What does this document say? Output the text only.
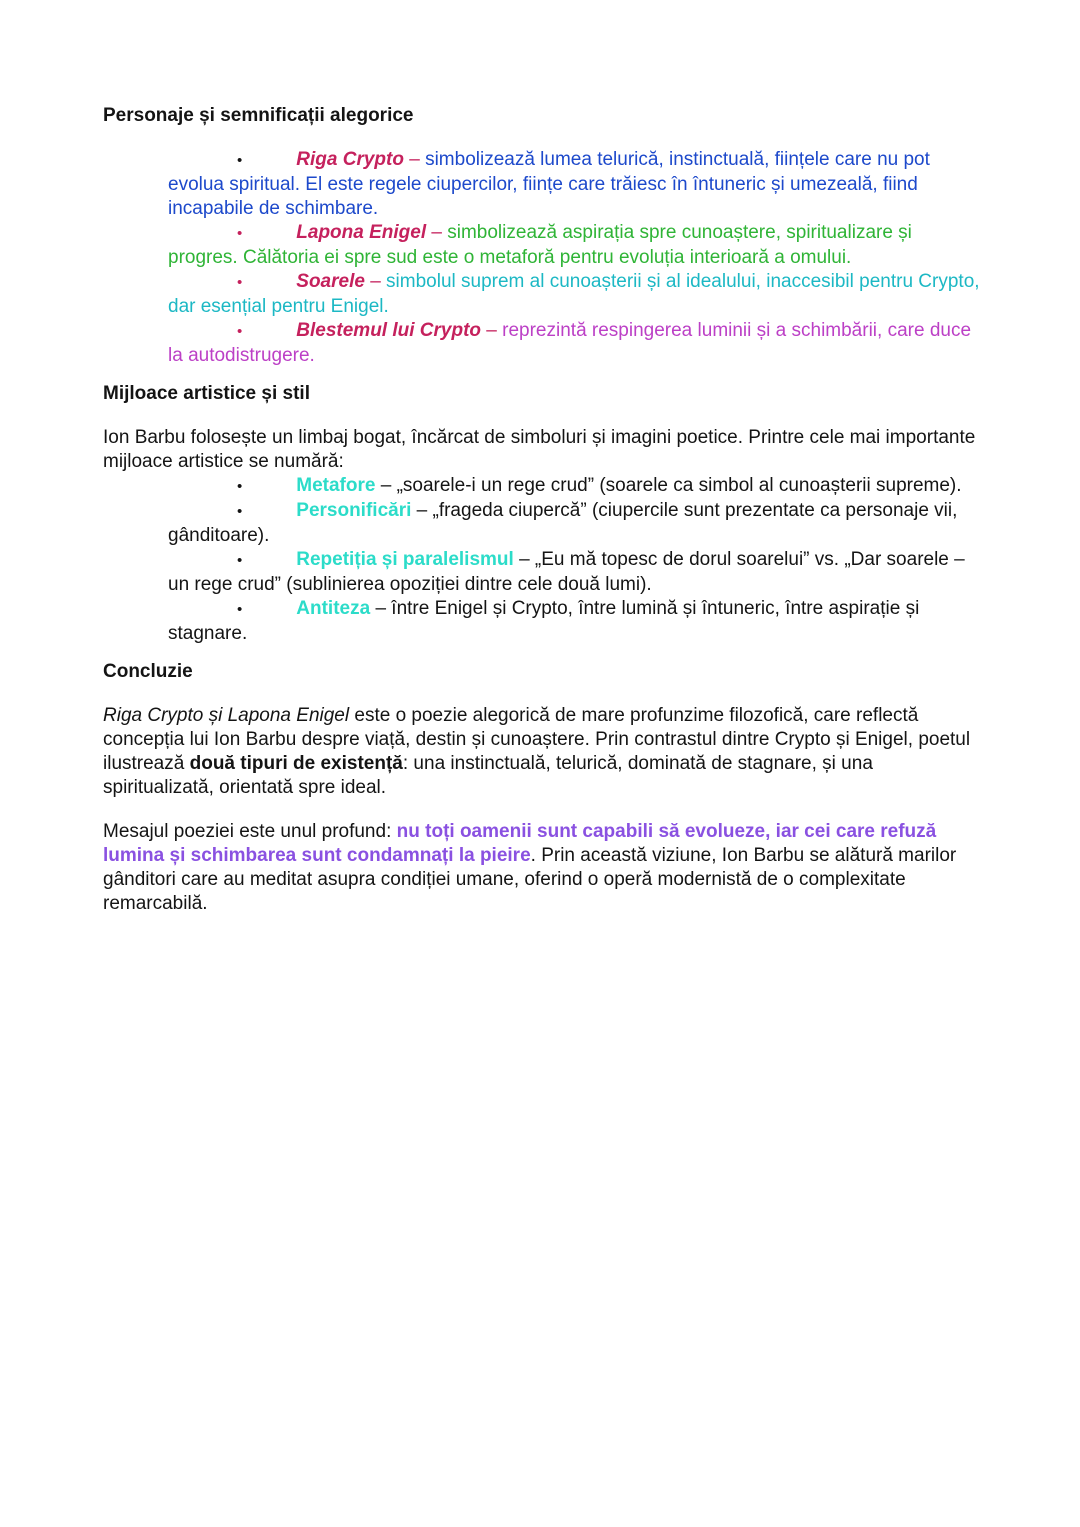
Personaje și semnificații alegorice

•	Riga Crypto – simbolizează lumea telurică, instinctuală, ființele care nu pot evolua spiritual. El este regele ciupercilor, ființe care trăiesc în întuneric și umezeală, fiind incapabile de schimbare.

•	Lapona Enigel – simbolizează aspirația spre cunoaștere, spiritualizare și progres. Călătoria ei spre sud este o metaforă pentru evoluția interioară a omului.

•	Soarele – simbolul suprem al cunoașterii și al idealului, inaccesibil pentru Crypto, dar esențial pentru Enigel.

•	Blestemul lui Crypto – reprezintă respingerea luminii și a schimbării, care duce la autodistrugere.

Mijloace artistice și stil

Ion Barbu folosește un limbaj bogat, încărcat de simboluri și imagini poetice. Printre cele mai importante mijloace artistice se numără:

•	Metafore – „soarele-i un rege crud” (soarele ca simbol al cunoașterii supreme).

•	Personificări – „frageda ciupercă” (ciupercile sunt prezentate ca personaje vii, gânditoare).

•	Repetiția și paralelismul – „Eu mă topesc de dorul soarelui” vs. „Dar soarele – un rege crud” (sublinierea opoziției dintre cele două lumi).

•	Antiteza – între Enigel și Crypto, între lumină și întuneric, între aspirație și stagnare.

Concluzie

Riga Crypto și Lapona Enigel este o poezie alegorică de mare profunzime filozofică, care reflectă concepția lui Ion Barbu despre viață, destin și cunoaștere. Prin contrastul dintre Crypto și Enigel, poetul ilustrează două tipuri de existență: una instinctuală, telurică, dominată de stagnare, și una spiritualizată, orientată spre ideal.

Mesajul poeziei este unul profund: nu toți oamenii sunt capabili să evolueze, iar cei care refuză lumina și schimbarea sunt condamnați la pieire. Prin această viziune, Ion Barbu se alătură marilor gânditori care au meditat asupra condiției umane, oferind o operă modernistă de o complexitate remarcabilă.
